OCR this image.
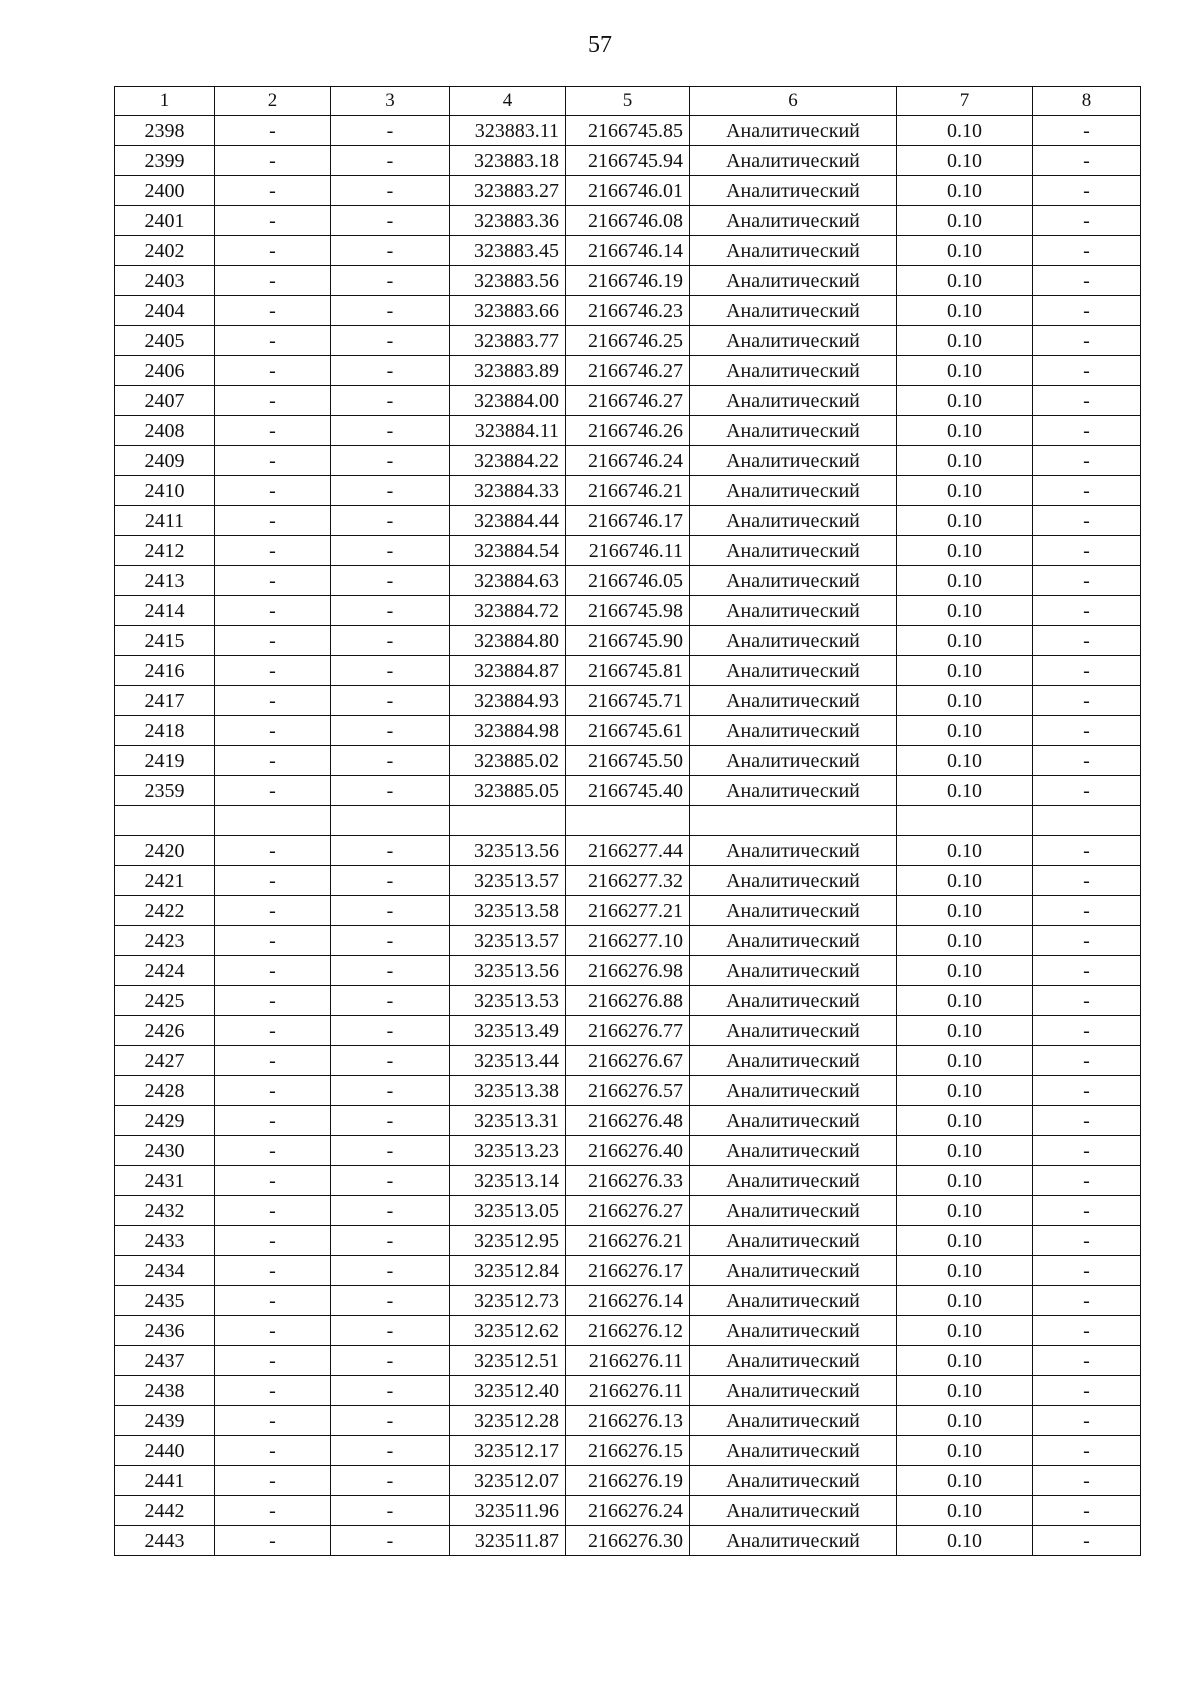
57
1	2	3	4	5	6	7	8
2398	-	-	323883.11	2166745.85	Аналитический	0.10	-
2399	-	-	323883.18	2166745.94	Аналитический	0.10	-
2400	-	-	323883.27	2166746.01	Аналитический	0.10	-
2401	-	-	323883.36	2166746.08	Аналитический	0.10	-
2402	-	-	323883.45	2166746.14	Аналитический	0.10	-
2403	-	-	323883.56	2166746.19	Аналитический	0.10	-
2404	-	-	323883.66	2166746.23	Аналитический	0.10	-
2405	-	-	323883.77	2166746.25	Аналитический	0.10	-
2406	-	-	323883.89	2166746.27	Аналитический	0.10	-
2407	-	-	323884.00	2166746.27	Аналитический	0.10	-
2408	-	-	323884.11	2166746.26	Аналитический	0.10	-
2409	-	-	323884.22	2166746.24	Аналитический	0.10	-
2410	-	-	323884.33	2166746.21	Аналитический	0.10	-
2411	-	-	323884.44	2166746.17	Аналитический	0.10	-
2412	-	-	323884.54	2166746.11	Аналитический	0.10	-
2413	-	-	323884.63	2166746.05	Аналитический	0.10	-
2414	-	-	323884.72	2166745.98	Аналитический	0.10	-
2415	-	-	323884.80	2166745.90	Аналитический	0.10	-
2416	-	-	323884.87	2166745.81	Аналитический	0.10	-
2417	-	-	323884.93	2166745.71	Аналитический	0.10	-
2418	-	-	323884.98	2166745.61	Аналитический	0.10	-
2419	-	-	323885.02	2166745.50	Аналитический	0.10	-
2359	-	-	323885.05	2166745.40	Аналитический	0.10	-

2420	-	-	323513.56	2166277.44	Аналитический	0.10	-
2421	-	-	323513.57	2166277.32	Аналитический	0.10	-
2422	-	-	323513.58	2166277.21	Аналитический	0.10	-
2423	-	-	323513.57	2166277.10	Аналитический	0.10	-
2424	-	-	323513.56	2166276.98	Аналитический	0.10	-
2425	-	-	323513.53	2166276.88	Аналитический	0.10	-
2426	-	-	323513.49	2166276.77	Аналитический	0.10	-
2427	-	-	323513.44	2166276.67	Аналитический	0.10	-
2428	-	-	323513.38	2166276.57	Аналитический	0.10	-
2429	-	-	323513.31	2166276.48	Аналитический	0.10	-
2430	-	-	323513.23	2166276.40	Аналитический	0.10	-
2431	-	-	323513.14	2166276.33	Аналитический	0.10	-
2432	-	-	323513.05	2166276.27	Аналитический	0.10	-
2433	-	-	323512.95	2166276.21	Аналитический	0.10	-
2434	-	-	323512.84	2166276.17	Аналитический	0.10	-
2435	-	-	323512.73	2166276.14	Аналитический	0.10	-
2436	-	-	323512.62	2166276.12	Аналитический	0.10	-
2437	-	-	323512.51	2166276.11	Аналитический	0.10	-
2438	-	-	323512.40	2166276.11	Аналитический	0.10	-
2439	-	-	323512.28	2166276.13	Аналитический	0.10	-
2440	-	-	323512.17	2166276.15	Аналитический	0.10	-
2441	-	-	323512.07	2166276.19	Аналитический	0.10	-
2442	-	-	323511.96	2166276.24	Аналитический	0.10	-
2443	-	-	323511.87	2166276.30	Аналитический	0.10	-
